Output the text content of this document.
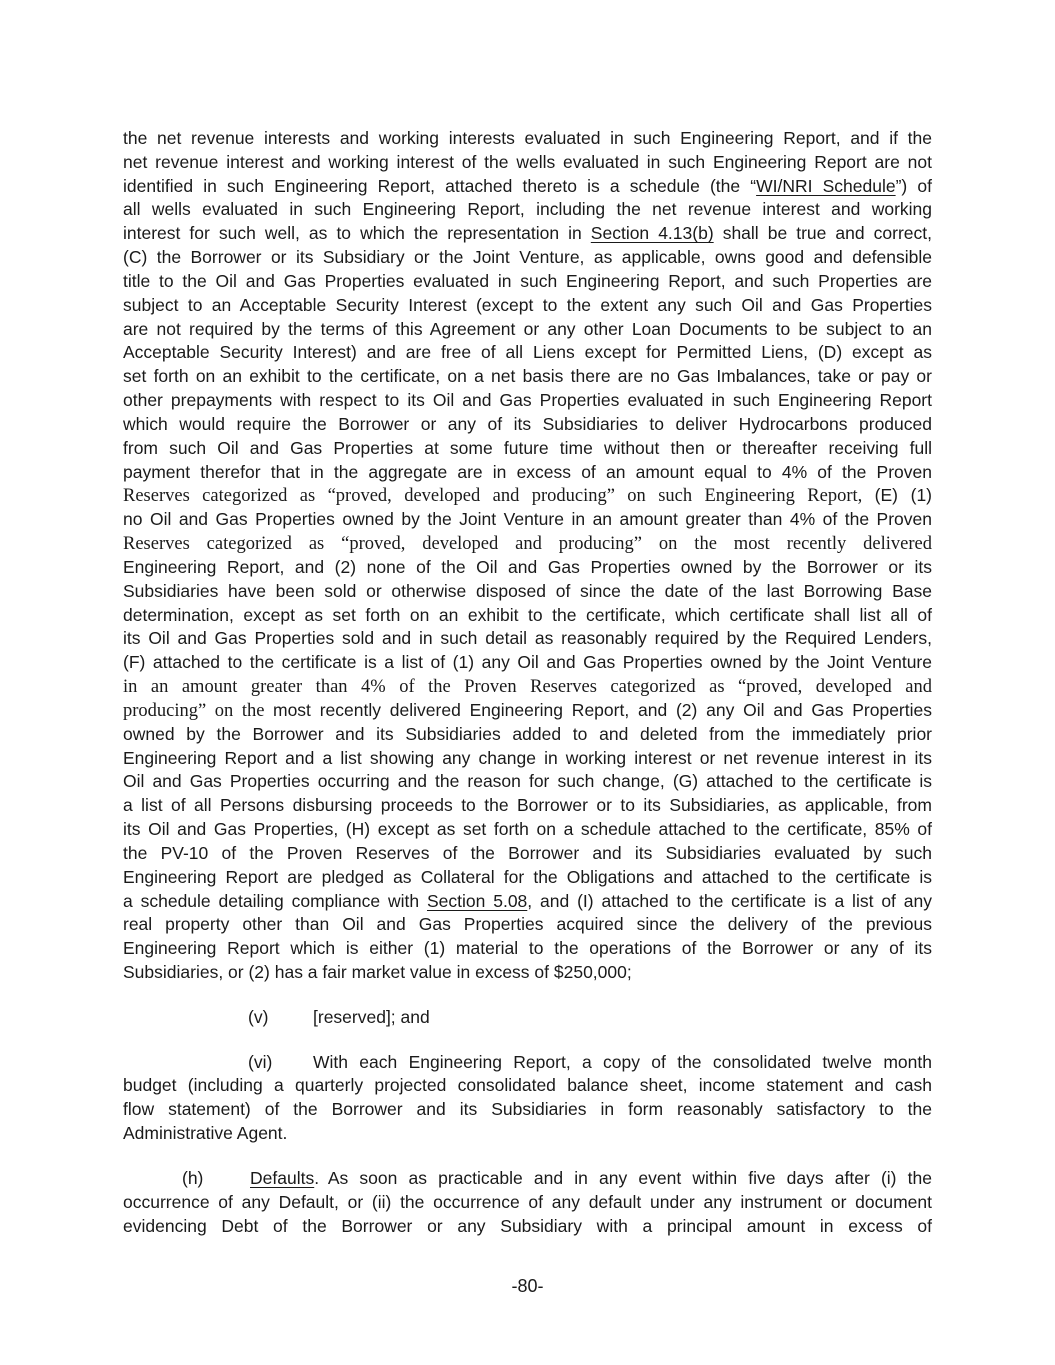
the net revenue interests and working interests evaluated in such Engineering Report, and if the
net revenue interest and working interest of the wells evaluated in such Engineering Report are not
identified in such Engineering Report, attached thereto is a schedule (the “WI/NRI Schedule”) of
all wells evaluated in such Engineering Report, including the net revenue interest and working
interest for such well, as to which the representation in Section 4.13(b) shall be true and correct,
(C) the Borrower or its Subsidiary or the Joint Venture, as applicable, owns good and defensible
title to the Oil and Gas Properties evaluated in such Engineering Report, and such Properties are
subject to an Acceptable Security Interest (except to the extent any such Oil and Gas Properties
are not required by the terms of this Agreement or any other Loan Documents to be subject to an
Acceptable Security Interest) and are free of all Liens except for Permitted Liens, (D) except as
set forth on an exhibit to the certificate, on a net basis there are no Gas Imbalances, take or pay or
other prepayments with respect to its Oil and Gas Properties evaluated in such Engineering Report
which would require the Borrower or any of its Subsidiaries to deliver Hydrocarbons produced
from such Oil and Gas Properties at some future time without then or thereafter receiving full
payment therefor that in the aggregate are in excess of an amount equal to 4% of the Proven
Reserves categorized as “proved, developed and producing” on such Engineering Report, (E) (1)
no Oil and Gas Properties owned by the Joint Venture in an amount greater than 4% of the Proven
Reserves categorized as “proved, developed and producing” on the most recently delivered
Engineering Report, and (2) none of the Oil and Gas Properties owned by the Borrower or its
Subsidiaries have been sold or otherwise disposed of since the date of the last Borrowing Base
determination, except as set forth on an exhibit to the certificate, which certificate shall list all of
its Oil and Gas Properties sold and in such detail as reasonably required by the Required Lenders,
(F) attached to the certificate is a list of (1) any Oil and Gas Properties owned by the Joint Venture
in an amount greater than 4% of the Proven Reserves categorized as “proved, developed and
producing” on the most recently delivered Engineering Report, and (2) any Oil and Gas Properties
owned by the Borrower and its Subsidiaries added to and deleted from the immediately prior
Engineering Report and a list showing any change in working interest or net revenue interest in its
Oil and Gas Properties occurring and the reason for such change, (G) attached to the certificate is
a list of all Persons disbursing proceeds to the Borrower or to its Subsidiaries, as applicable, from
its Oil and Gas Properties, (H) except as set forth on a schedule attached to the certificate, 85% of
the PV-10 of the Proven Reserves of the Borrower and its Subsidiaries evaluated by such
Engineering Report are pledged as Collateral for the Obligations and attached to the certificate is
a schedule detailing compliance with Section 5.08, and (I) attached to the certificate is a list of any
real property other than Oil and Gas Properties acquired since the delivery of the previous
Engineering Report which is either (1) material to the operations of the Borrower or any of its
Subsidiaries, or (2) has a fair market value in excess of $250,000;
(v)	[reserved]; and
(vi) With each Engineering Report, a copy of the consolidated twelve month
budget (including a quarterly projected consolidated balance sheet, income statement and cash
flow statement) of the Borrower and its Subsidiaries in form reasonably satisfactory to the
Administrative Agent.
(h)	Defaults. As soon as practicable and in any event within five days after (i) the
occurrence of any Default, or (ii) the occurrence of any default under any instrument or document
evidencing Debt of the Borrower or any Subsidiary with a principal amount in excess of
-80-
